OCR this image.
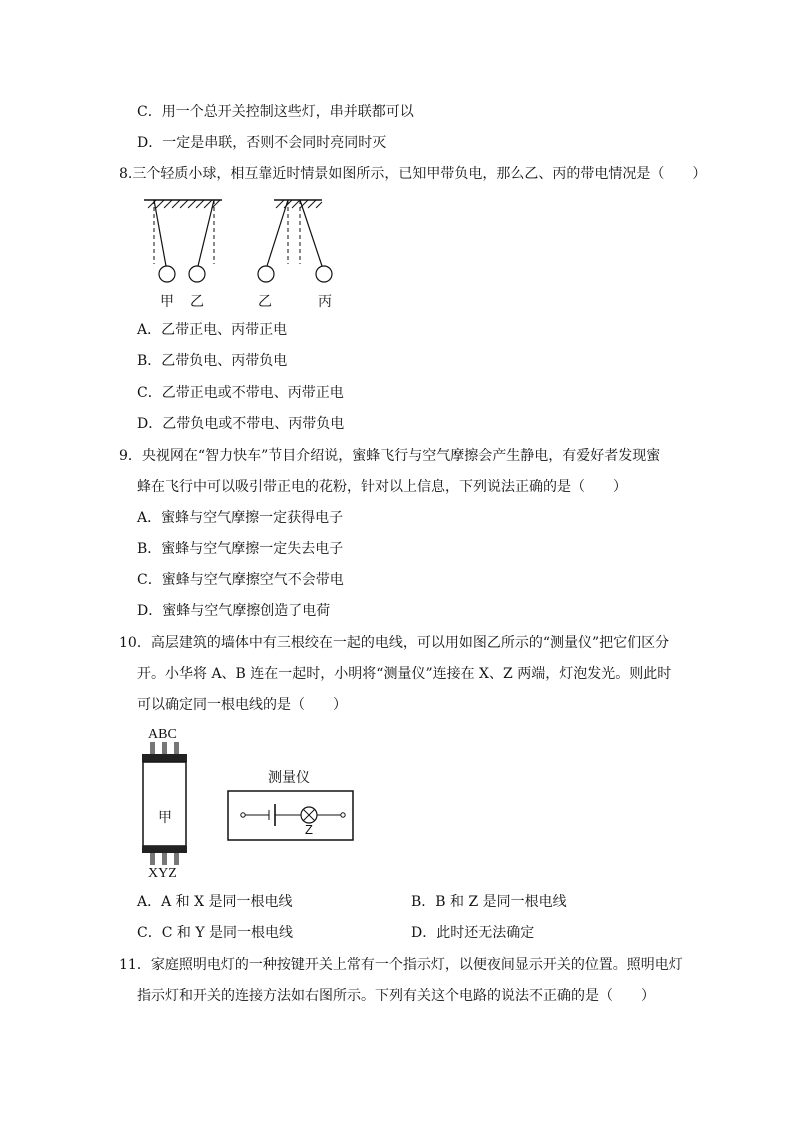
C．用一个总开关控制这些灯，串并联都可以
D．一定是串联，否则不会同时亮同时灭
8.三个轻质小球，相互靠近时情景如图所示，已知甲带负电，那么乙、丙的带电情况是（　　）
甲 乙	乙	丙
A．乙带正电、丙带正电
B．乙带负电、丙带负电
C．乙带正电或不带电、丙带正电
D．乙带负电或不带电、丙带负电
9．央视网在“智力快车”节目介绍说，蜜蜂飞行与空气摩擦会产生静电，有爱好者发现蜜
蜂在飞行中可以吸引带正电的花粉，针对以上信息，下列说法正确的是（　　）
A．蜜蜂与空气摩擦一定获得电子
B．蜜蜂与空气摩擦一定失去电子
C．蜜蜂与空气摩擦空气不会带电
D．蜜蜂与空气摩擦创造了电荷
10．高层建筑的墙体中有三根绞在一起的电线，可以用如图乙所示的“测量仪”把它们区分
开。小华将 A、B 连在一起时，小明将“测量仪”连接在 X、Z 两端，灯泡发光。则此时
可以确定同一根电线的是（　　）
ABC
甲
XYZ
测量仪
Z
A．A 和 X 是同一根电线	B．B 和 Z 是同一根电线
C．C 和 Y 是同一根电线	D．此时还无法确定
11．家庭照明电灯的一种按键开关上常有一个指示灯，以便夜间显示开关的位置。照明电灯
指示灯和开关的连接方法如右图所示。下列有关这个电路的说法不正确的是（　　）
